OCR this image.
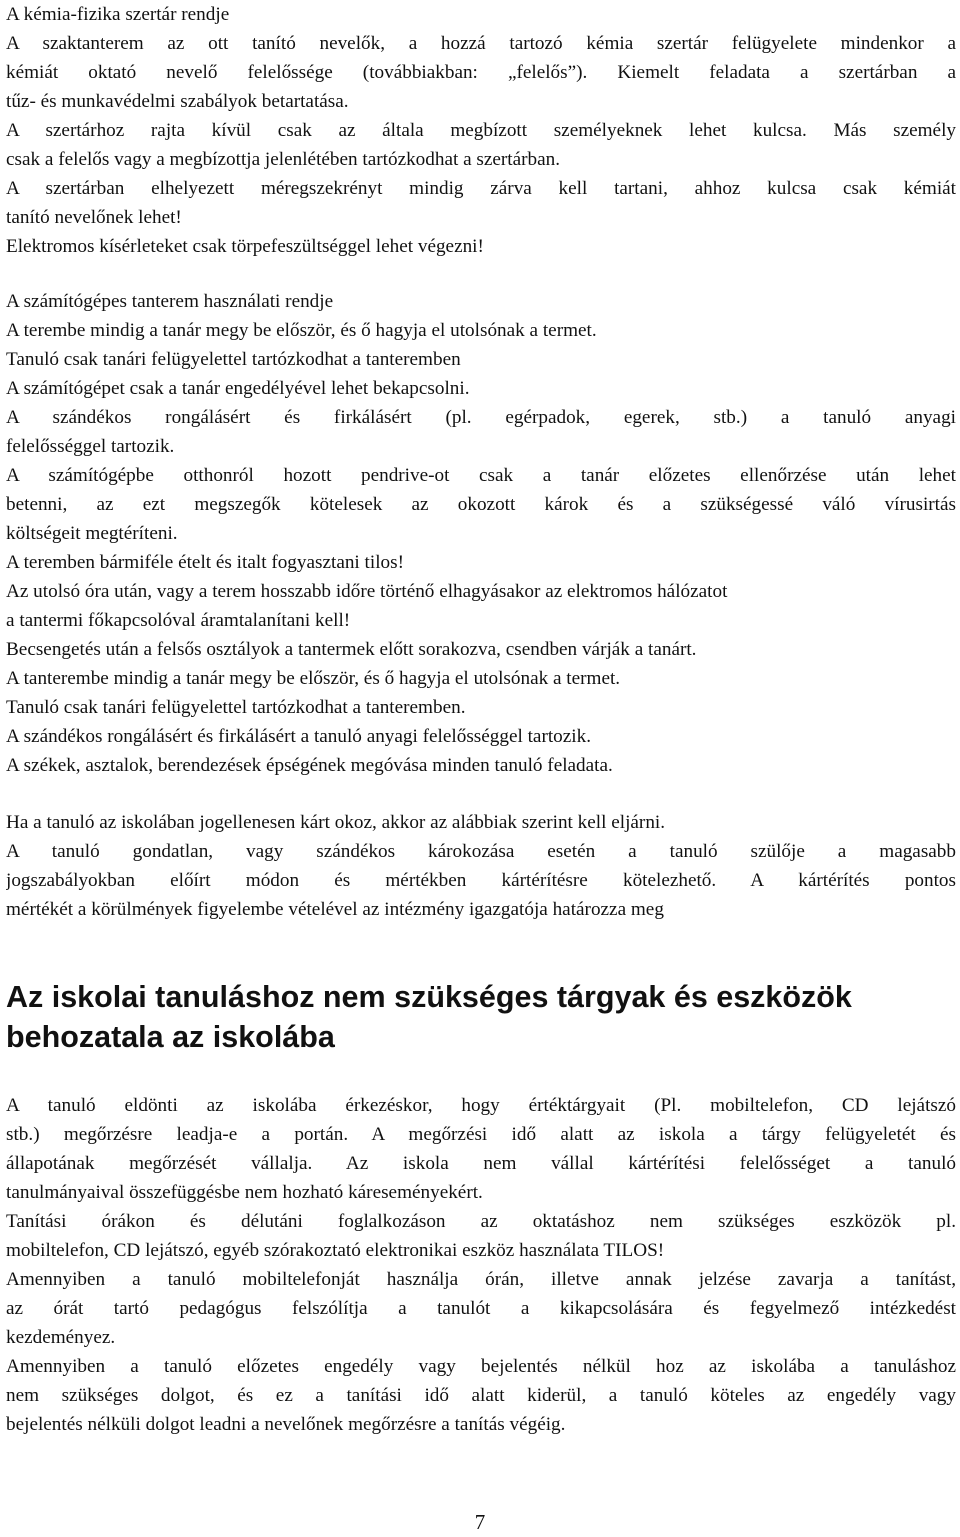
A kémia-fizika szertár rendje
A szaktanterem az ott tanító nevelők, a hozzá tartozó kémia szertár felügyelete mindenkor a
kémiát oktató nevelő felelőssége (továbbiakban: „felelős”). Kiemelt feladata a szertárban a
tűz- és munkavédelmi szabályok betartatása.
A szertárhoz rajta kívül csak az általa megbízott személyeknek lehet kulcsa. Más személy
csak a felelős vagy a megbízottja jelenlétében tartózkodhat a szertárban.
A szertárban elhelyezett méregszekrényt mindig zárva kell tartani, ahhoz kulcsa csak kémiát
tanító nevelőnek lehet!
Elektromos kísérleteket csak törpefeszültséggel lehet végezni!
A számítógépes tanterem használati rendje
A terembe mindig a tanár megy be először, és ő hagyja el utolsónak a termet.
Tanuló csak tanári felügyelettel tartózkodhat a tanteremben
A számítógépet csak a tanár engedélyével lehet bekapcsolni.
A szándékos rongálásért és firkálásért (pl. egérpadok, egerek, stb.) a tanuló anyagi
felelősséggel tartozik.
A számítógépbe otthonról hozott pendrive-ot csak a tanár előzetes ellenőrzése után lehet
betenni, az ezt megszegők kötelesek az okozott károk és a szükségessé váló vírusirtás
költségeit megtéríteni.
A teremben bármiféle ételt és italt fogyasztani tilos!
Az utolsó óra után, vagy a terem hosszabb időre történő elhagyásakor az elektromos hálózatot
a tantermi főkapcsolóval áramtalanítani kell!
Becsengetés után a felsős osztályok a tantermek előtt sorakozva, csendben várják a tanárt.
A tanterembe mindig a tanár megy be először, és ő hagyja el utolsónak a termet.
Tanuló csak tanári felügyelettel tartózkodhat a tanteremben.
A szándékos rongálásért és firkálásért a tanuló anyagi felelősséggel tartozik.
A székek, asztalok, berendezések épségének megóvása minden tanuló feladata.
Ha a tanuló az iskolában jogellenesen kárt okoz, akkor az alábbiak szerint kell eljárni.
A tanuló gondatlan, vagy szándékos károkozása esetén a tanuló szülője a magasabb
jogszabályokban előírt módon és mértékben kártérítésre kötelezhető. A kártérítés pontos
mértékét a körülmények figyelembe vételével az intézmény igazgatója határozza meg
Az iskolai tanuláshoz nem szükséges tárgyak és eszközök
behozatala az iskolába
A tanuló eldönti az iskolába érkezéskor, hogy értéktárgyait (Pl. mobiltelefon, CD lejátszó
stb.) megőrzésre leadja-e a portán. A megőrzési idő alatt az iskola a tárgy felügyeletét és
állapotának megőrzését vállalja. Az iskola nem vállal kártérítési felelősséget a tanuló
tanulmányaival összefüggésbe nem hozható káreseményekért.
Tanítási órákon és délutáni foglalkozáson az oktatáshoz nem szükséges eszközök pl.
mobiltelefon, CD lejátszó, egyéb szórakoztató elektronikai eszköz használata TILOS!
Amennyiben a tanuló mobiltelefonját használja órán, illetve annak jelzése zavarja a tanítást,
az órát tartó pedagógus felszólítja a tanulót a kikapcsolására és fegyelmező intézkedést
kezdeményez.
Amennyiben a tanuló előzetes engedély vagy bejelentés nélkül hoz az iskolába a tanuláshoz
nem szükséges dolgot, és ez a tanítási idő alatt kiderül, a tanuló köteles az engedély vagy
bejelentés nélküli dolgot leadni a nevelőnek megőrzésre a tanítás végéig.
7
